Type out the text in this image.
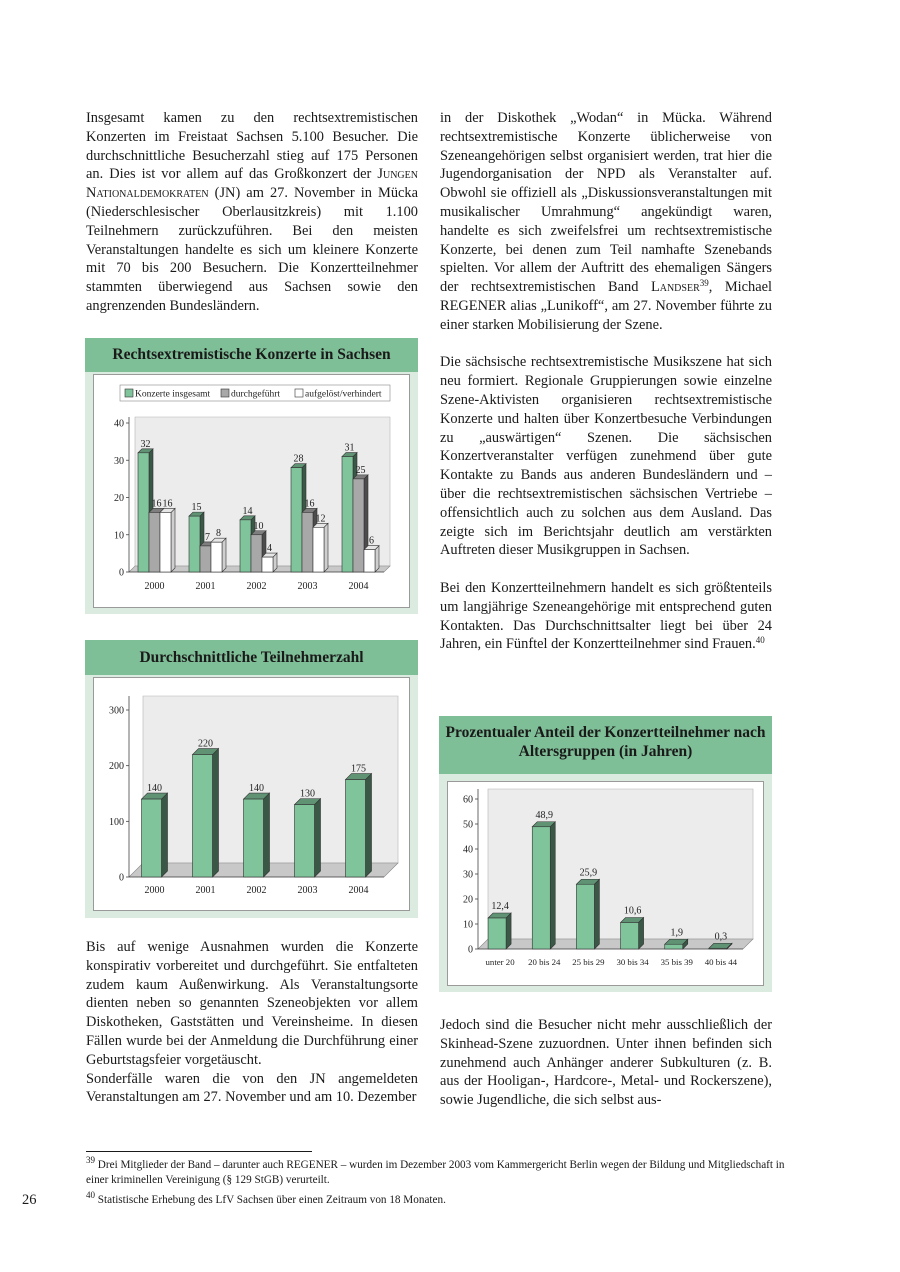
Insgesamt kamen zu den rechtsextremistischen Konzerten im Freistaat Sachsen 5.100 Besucher. Die durchschnittliche Besucherzahl stieg auf 175 Personen an. Dies ist vor allem auf das Großkonzert der Jungen Nationaldemokraten (JN) am 27. November in Mücka (Niederschlesischer Oberlausitzkreis) mit 1.100 Teilnehmern zurückzuführen. Bei den meisten Veranstaltungen handelte es sich um kleinere Konzerte mit 70 bis 200 Besuchern. Die Konzertteilnehmer stammten überwiegend aus Sachsen sowie den angrenzenden Bundesländern.

Rechtsextremistische Konzerte in Sachsen
0
10
20
30
40
Konzerte insgesamt durchgeführt	aufgelöst/verhindert
32
16 16
2000
15
7 8
2001
14
10
4
2002
28
16
12
2003
31
25
6
2004
Durchschnittliche Teilnehmerzahl
0
100
200
300
140
2000
220
2001
140
2002
130
2003
175
2004

Bis auf wenige Ausnahmen wurden die Konzerte konspirativ vorbereitet und durchgeführt. Sie entfalteten zudem kaum Außenwirkung. Als Veranstaltungsorte dienten neben so genannten Szeneobjekten vor allem Diskotheken, Gaststätten und Vereinsheime. In diesen Fällen wurde bei der Anmeldung die Durchführung einer Geburtstagsfeier vorgetäuscht.

Sonderfälle waren die von den JN angemeldeten Veranstaltungen am 27. November und am 10. Dezember

in der Diskothek „Wodan“ in Mücka. Während rechtsextremistische Konzerte üblicherweise von Szeneangehörigen selbst organisiert werden, trat hier die Jugendorganisation der NPD als Veranstalter auf. Obwohl sie offiziell als „Diskussionsveranstaltungen mit musikalischer Umrahmung“ angekündigt waren, handelte es sich zweifelsfrei um rechtsextremistische Konzerte, bei denen zum Teil namhafte Szenebands spielten. Vor allem der Auftritt des ehemaligen Sängers der rechtsextremistischen Band Landser$^{39}$, Michael REGENER alias „Lunikoff“, am 27. November führte zu einer starken Mobilisierung der Szene.

Die sächsische rechtsextremistische Musikszene hat sich neu formiert. Regionale Gruppierungen sowie einzelne Szene-Aktivisten organisieren rechtsextremistische Konzerte und halten über Konzertbesuche Verbindungen zu „auswärtigen“ Szenen. Die sächsischen Konzertveranstalter verfügen zunehmend über gute Kontakte zu Bands aus anderen Bundesländern und – über die rechtsextremistischen sächsischen Vertriebe – offensichtlich auch zu solchen aus dem Ausland. Das zeigte sich im Berichtsjahr deutlich am verstärkten Auftreten dieser Musikgruppen in Sachsen.

Bei den Konzertteilnehmern handelt es sich größtenteils um langjährige Szeneangehörige mit entsprechend guten Kontakten. Das Durchschnittsalter liegt bei über 24 Jahren, ein Fünftel der Konzertteilnehmer sind Frauen.$^{40}$

Prozentualer Anteil der Konzertteilnehmer nach Altersgruppen (in Jahren)
0
10
20
30
40
50
60
12,4
unter 20
48,9
20 bis 24
25,9
25 bis 29
10,6
30 bis 34
1,9
35 bis 39
0,3
40 bis 44

Jedoch sind die Besucher nicht mehr ausschließlich der Skinhead-Szene zuzuordnen. Unter ihnen befinden sich zunehmend auch Anhänger anderer Subkulturen (z. B. aus der Hooligan-, Hardcore-, Metal- und Rockerszene), sowie Jugendliche, die sich selbst aus-

$^{39}$ Drei Mitglieder der Band – darunter auch REGENER – wurden im Dezember 2003 vom Kammergericht Berlin wegen der Bildung und Mitgliedschaft in einer kriminellen Vereinigung (§ 129 StGB) verurteilt.
$^{40}$ Statistische Erhebung des LfV Sachsen über einen Zeitraum von 18 Monaten.
26
